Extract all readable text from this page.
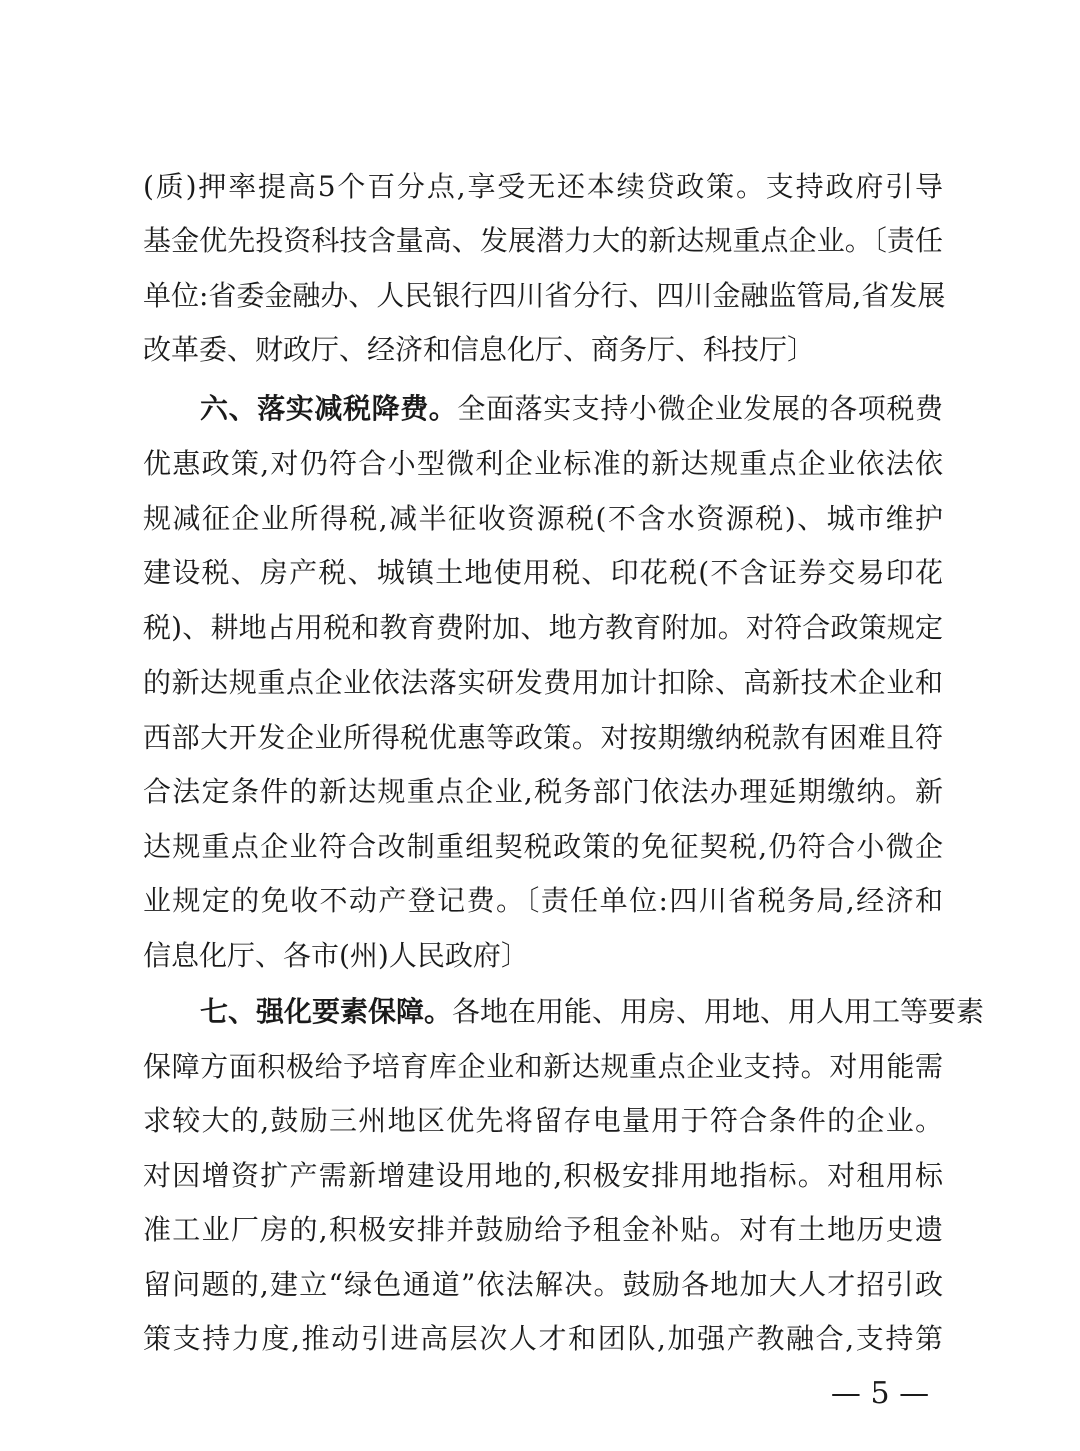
(质)押率提高5个百分点,享受无还本续贷政策。支持政府引导
基金优先投资科技含量高、发展潜力大的新达规重点企业。〔责任
单位:省委金融办、人民银行四川省分行、四川金融监管局,省发展
改革委、财政厅、经济和信息化厅、商务厅、科技厅〕
六、落实减税降费。全面落实支持小微企业发展的各项税费
优惠政策,对仍符合小型微利企业标准的新达规重点企业依法依
规减征企业所得税,减半征收资源税(不含水资源税)、城市维护
建设税、房产税、城镇土地使用税、印花税(不含证券交易印花
税)、耕地占用税和教育费附加、地方教育附加。对符合政策规定
的新达规重点企业依法落实研发费用加计扣除、高新技术企业和
西部大开发企业所得税优惠等政策。对按期缴纳税款有困难且符
合法定条件的新达规重点企业,税务部门依法办理延期缴纳。新
达规重点企业符合改制重组契税政策的免征契税,仍符合小微企
业规定的免收不动产登记费。〔责任单位:四川省税务局,经济和
信息化厅、各市(州)人民政府〕
七、强化要素保障。各地在用能、用房、用地、用人用工等要素
保障方面积极给予培育库企业和新达规重点企业支持。对用能需
求较大的,鼓励三州地区优先将留存电量用于符合条件的企业。
对因增资扩产需新增建设用地的,积极安排用地指标。对租用标
准工业厂房的,积极安排并鼓励给予租金补贴。对有土地历史遗
留问题的,建立“绿色通道”依法解决。鼓励各地加大人才招引政
策支持力度,推动引进高层次人才和团队,加强产教融合,支持第
— 5 —
